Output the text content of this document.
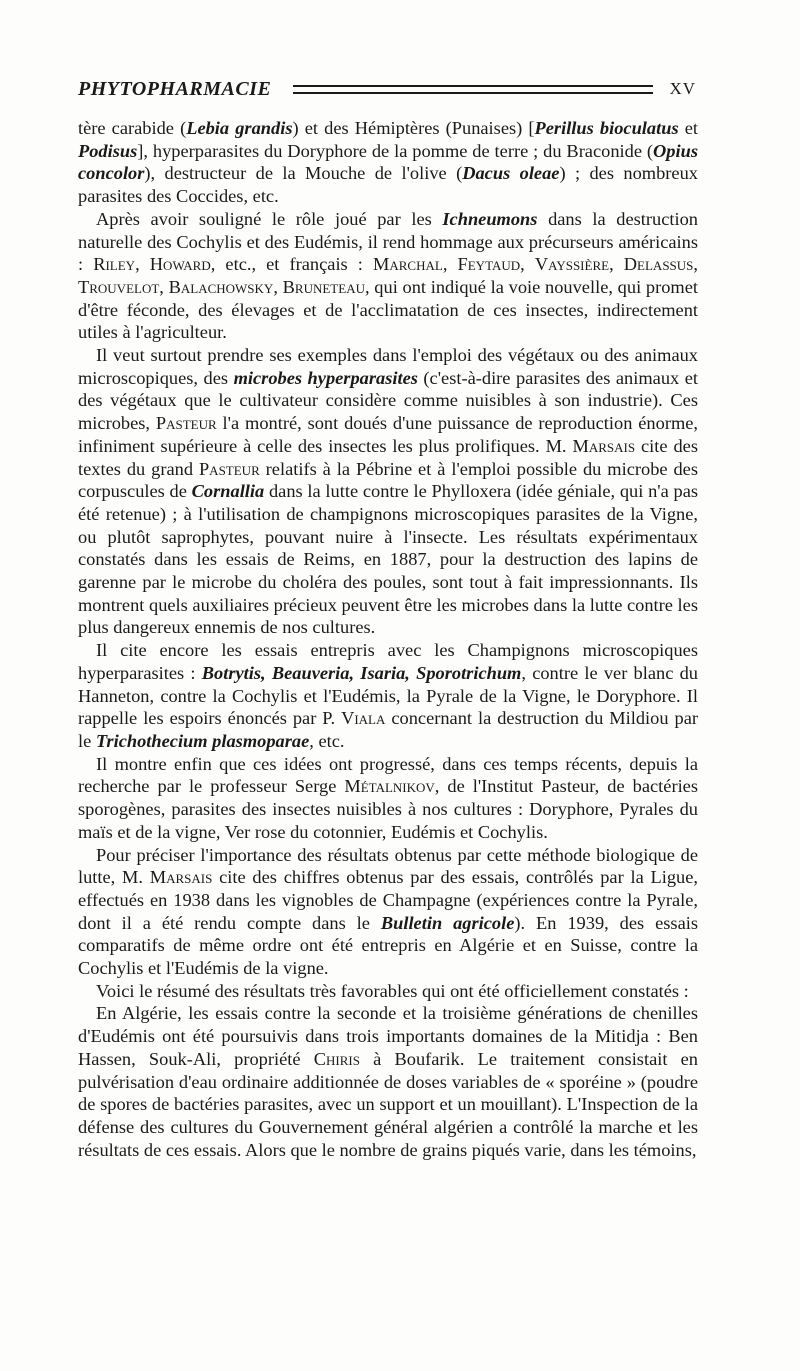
PHYTOPHARMACIE	XV

tère carabide (Lebia grandis) et des Hémiptères (Punaises) [Perillus bioculatus et Podisus], hyperparasites du Doryphore de la pomme de terre ; du Braconide (Opius concolor), destructeur de la Mouche de l'olive (Dacus oleae) ; des nombreux parasites des Coccides, etc.

Après avoir souligné le rôle joué par les Ichneumons dans la destruction naturelle des Cochylis et des Eudémis, il rend hommage aux précurseurs américains : Riley, Howard, etc., et français : Marchal, Feytaud, Vayssière, Delassus, Trouvelot, Balachowsky, Bruneteau, qui ont indiqué la voie nouvelle, qui promet d'être féconde, des élevages et de l'acclimatation de ces insectes, indirectement utiles à l'agriculteur.

Il veut surtout prendre ses exemples dans l'emploi des végétaux ou des animaux microscopiques, des microbes hyperparasites (c'est-à-dire parasites des animaux et des végétaux que le cultivateur considère comme nuisibles à son industrie). Ces microbes, Pasteur l'a montré, sont doués d'une puissance de reproduction énorme, infiniment supérieure à celle des insectes les plus prolifiques. M. Marsais cite des textes du grand Pasteur relatifs à la Pébrine et à l'emploi possible du microbe des corpuscules de Cornallia dans la lutte contre le Phylloxera (idée géniale, qui n'a pas été retenue) ; à l'utilisation de champignons microscopiques parasites de la Vigne, ou plutôt saprophytes, pouvant nuire à l'insecte. Les résultats expérimentaux constatés dans les essais de Reims, en 1887, pour la destruction des lapins de garenne par le microbe du choléra des poules, sont tout à fait impressionnants. Ils montrent quels auxiliaires précieux peuvent être les microbes dans la lutte contre les plus dangereux ennemis de nos cultures.

Il cite encore les essais entrepris avec les Champignons microscopiques hyperparasites : Botrytis, Beauveria, Isaria, Sporotrichum, contre le ver blanc du Hanneton, contre la Cochylis et l'Eudémis, la Pyrale de la Vigne, le Doryphore. Il rappelle les espoirs énoncés par P. Viala concernant la destruction du Mildiou par le Trichothecium plasmoparae, etc.

Il montre enfin que ces idées ont progressé, dans ces temps récents, depuis la recherche par le professeur Serge Métalnikov, de l'Institut Pasteur, de bactéries sporogènes, parasites des insectes nuisibles à nos cultures : Doryphore, Pyrales du maïs et de la vigne, Ver rose du cotonnier, Eudémis et Cochylis.

Pour préciser l'importance des résultats obtenus par cette méthode biologique de lutte, M. Marsais cite des chiffres obtenus par des essais, contrôlés par la Ligue, effectués en 1938 dans les vignobles de Champagne (expériences contre la Pyrale, dont il a été rendu compte dans le Bulletin agricole). En 1939, des essais comparatifs de même ordre ont été entrepris en Algérie et en Suisse, contre la Cochylis et l'Eudémis de la vigne.

Voici le résumé des résultats très favorables qui ont été officiellement constatés :

En Algérie, les essais contre la seconde et la troisième générations de chenilles d'Eudémis ont été poursuivis dans trois importants domaines de la Mitidja : Ben Hassen, Souk-Ali, propriété Chiris à Boufarik. Le traitement consistait en pulvérisation d'eau ordinaire additionnée de doses variables de « sporéine » (poudre de spores de bactéries parasites, avec un support et un mouillant). L'Inspection de la défense des cultures du Gouvernement général algérien a contrôlé la marche et les résultats de ces essais. Alors que le nombre de grains piqués varie, dans les témoins,
